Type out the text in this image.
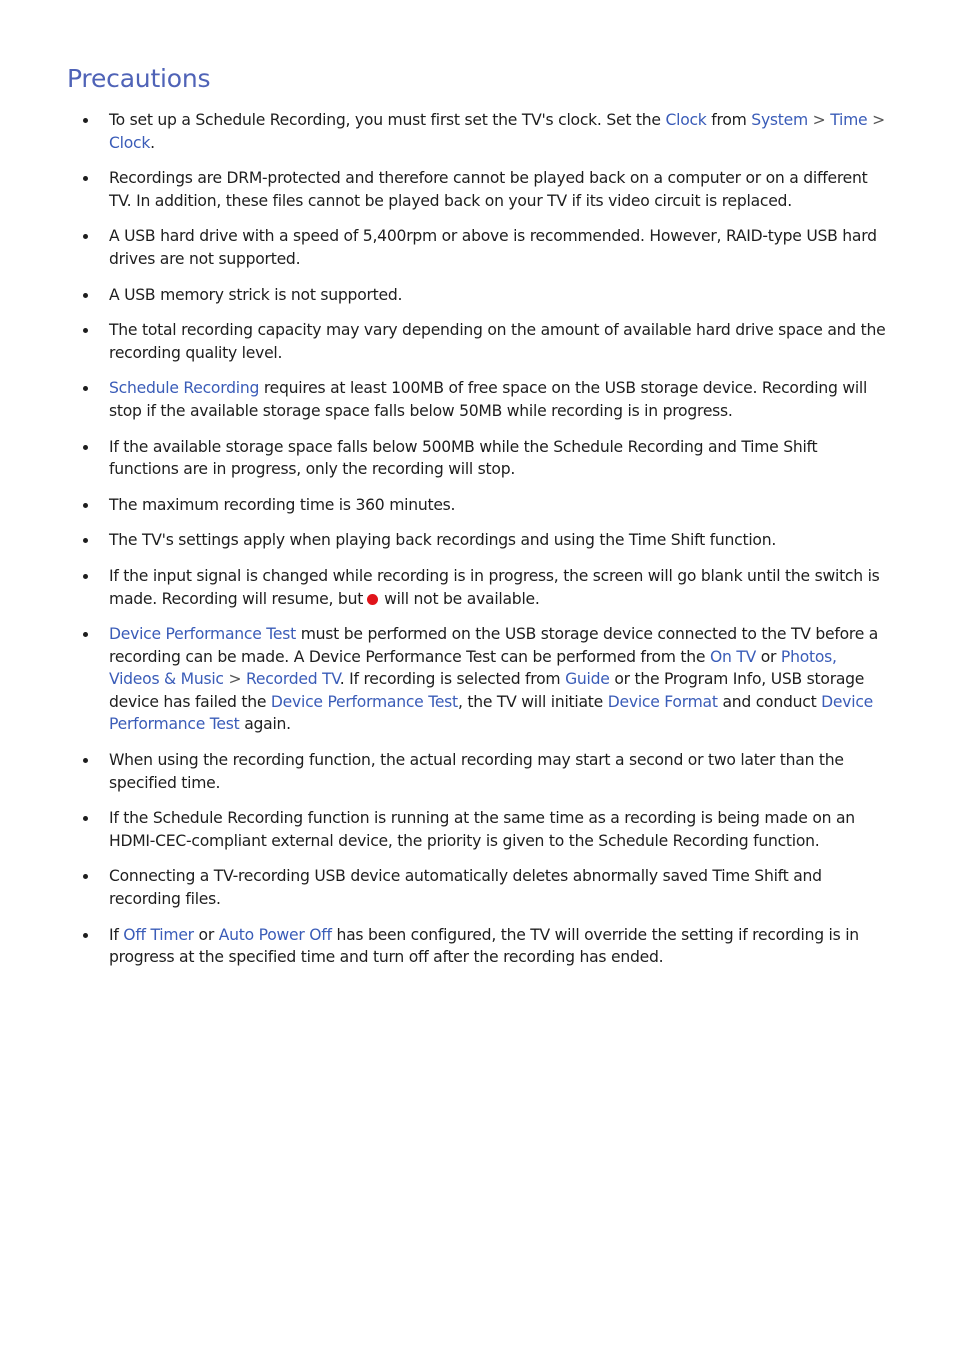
Precautions
To set up a Schedule Recording, you must first set the TV's clock. Set the Clock from System > Time > Clock.
Recordings are DRM-protected and therefore cannot be played back on a computer or on a different TV. In addition, these files cannot be played back on your TV if its video circuit is replaced.
A USB hard drive with a speed of 5,400rpm or above is recommended. However, RAID-type USB hard drives are not supported.
A USB memory strick is not supported.
The total recording capacity may vary depending on the amount of available hard drive space and the recording quality level.
Schedule Recording requires at least 100MB of free space on the USB storage device. Recording will stop if the available storage space falls below 50MB while recording is in progress.
If the available storage space falls below 500MB while the Schedule Recording and Time Shift functions are in progress, only the recording will stop.
The maximum recording time is 360 minutes.
The TV's settings apply when playing back recordings and using the Time Shift function.
If the input signal is changed while recording is in progress, the screen will go blank until the switch is made. Recording will resume, but will not be available.
Device Performance Test must be performed on the USB storage device connected to the TV before a recording can be made. A Device Performance Test can be performed from the On TV or Photos, Videos & Music > Recorded TV. If recording is selected from Guide or the Program Info, USB storage device has failed the Device Performance Test, the TV will initiate Device Format and conduct Device Performance Test again.
When using the recording function, the actual recording may start a second or two later than the specified time.
If the Schedule Recording function is running at the same time as a recording is being made on an HDMI-CEC-compliant external device, the priority is given to the Schedule Recording function.
Connecting a TV-recording USB device automatically deletes abnormally saved Time Shift and recording files.
If Off Timer or Auto Power Off has been configured, the TV will override the setting if recording is in progress at the specified time and turn off after the recording has ended.
